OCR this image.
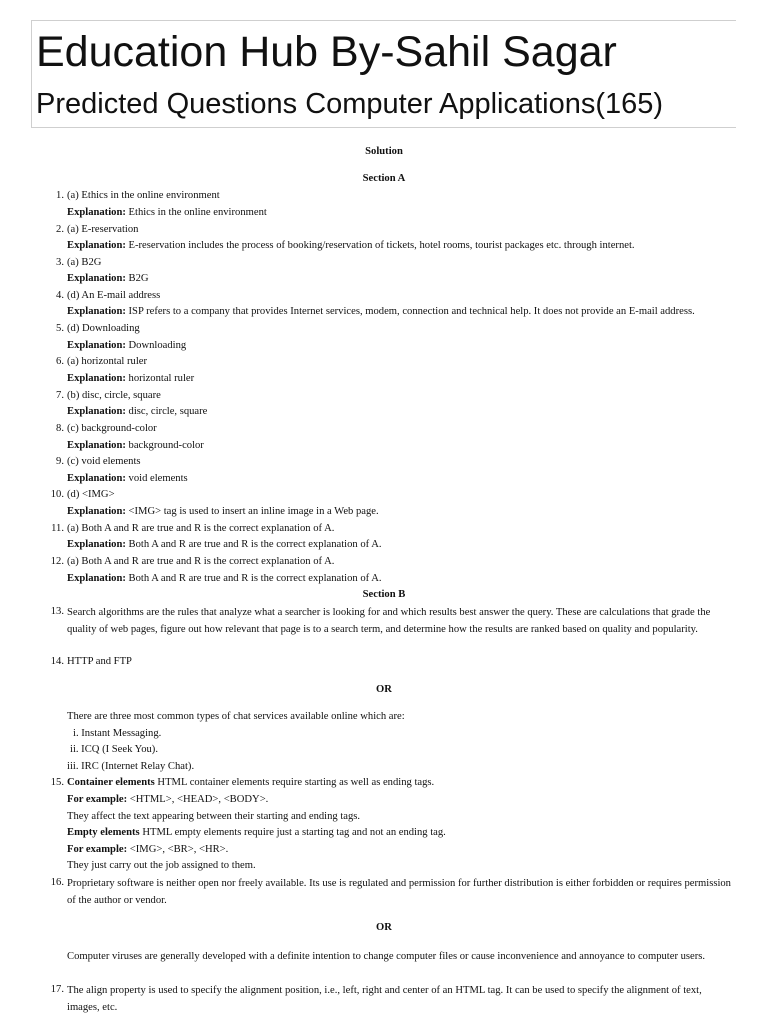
Education Hub By-Sahil Sagar
Predicted Questions Computer Applications(165)
Solution
Section A
1. (a) Ethics in the online environment
Explanation: Ethics in the online environment
2. (a) E-reservation
Explanation: E-reservation includes the process of booking/reservation of tickets, hotel rooms, tourist packages etc. through internet.
3. (a) B2G
Explanation: B2G
4. (d) An E-mail address
Explanation: ISP refers to a company that provides Internet services, modem, connection and technical help. It does not provide an E-mail address.
5. (d) Downloading
Explanation: Downloading
6. (a) horizontal ruler
Explanation: horizontal ruler
7. (b) disc, circle, square
Explanation: disc, circle, square
8. (c) background-color
Explanation: background-color
9. (c) void elements
Explanation: void elements
10. (d) <IMG>
Explanation: <IMG> tag is used to insert an inline image in a Web page.
11. (a) Both A and R are true and R is the correct explanation of A.
Explanation: Both A and R are true and R is the correct explanation of A.
12. (a) Both A and R are true and R is the correct explanation of A.
Explanation: Both A and R are true and R is the correct explanation of A.
Section B
13. Search algorithms are the rules that analyze what a searcher is looking for and which results best answer the query. These are calculations that grade the quality of web pages, figure out how relevant that page is to a search term, and determine how the results are ranked based on quality and popularity.
14. HTTP and FTP
OR
There are three most common types of chat services available online which are:
i. Instant Messaging.
ii. ICQ (I Seek You).
iii. IRC (Internet Relay Chat).
15. Container elements HTML container elements require starting as well as ending tags.
For example: <HTML>, <HEAD>, <BODY>.
They affect the text appearing between their starting and ending tags.
Empty elements HTML empty elements require just a starting tag and not an ending tag.
For example: <IMG>, <BR>, <HR>.
They just carry out the job assigned to them.
16. Proprietary software is neither open nor freely available. Its use is regulated and permission for further distribution is either forbidden or requires permission of the author or vendor.
OR
Computer viruses are generally developed with a definite intention to change computer files or cause inconvenience and annoyance to computer users.
17. The align property is used to specify the alignment position, i.e., left, right and center of an HTML tag. It can be used to specify the alignment of text, images, etc.
